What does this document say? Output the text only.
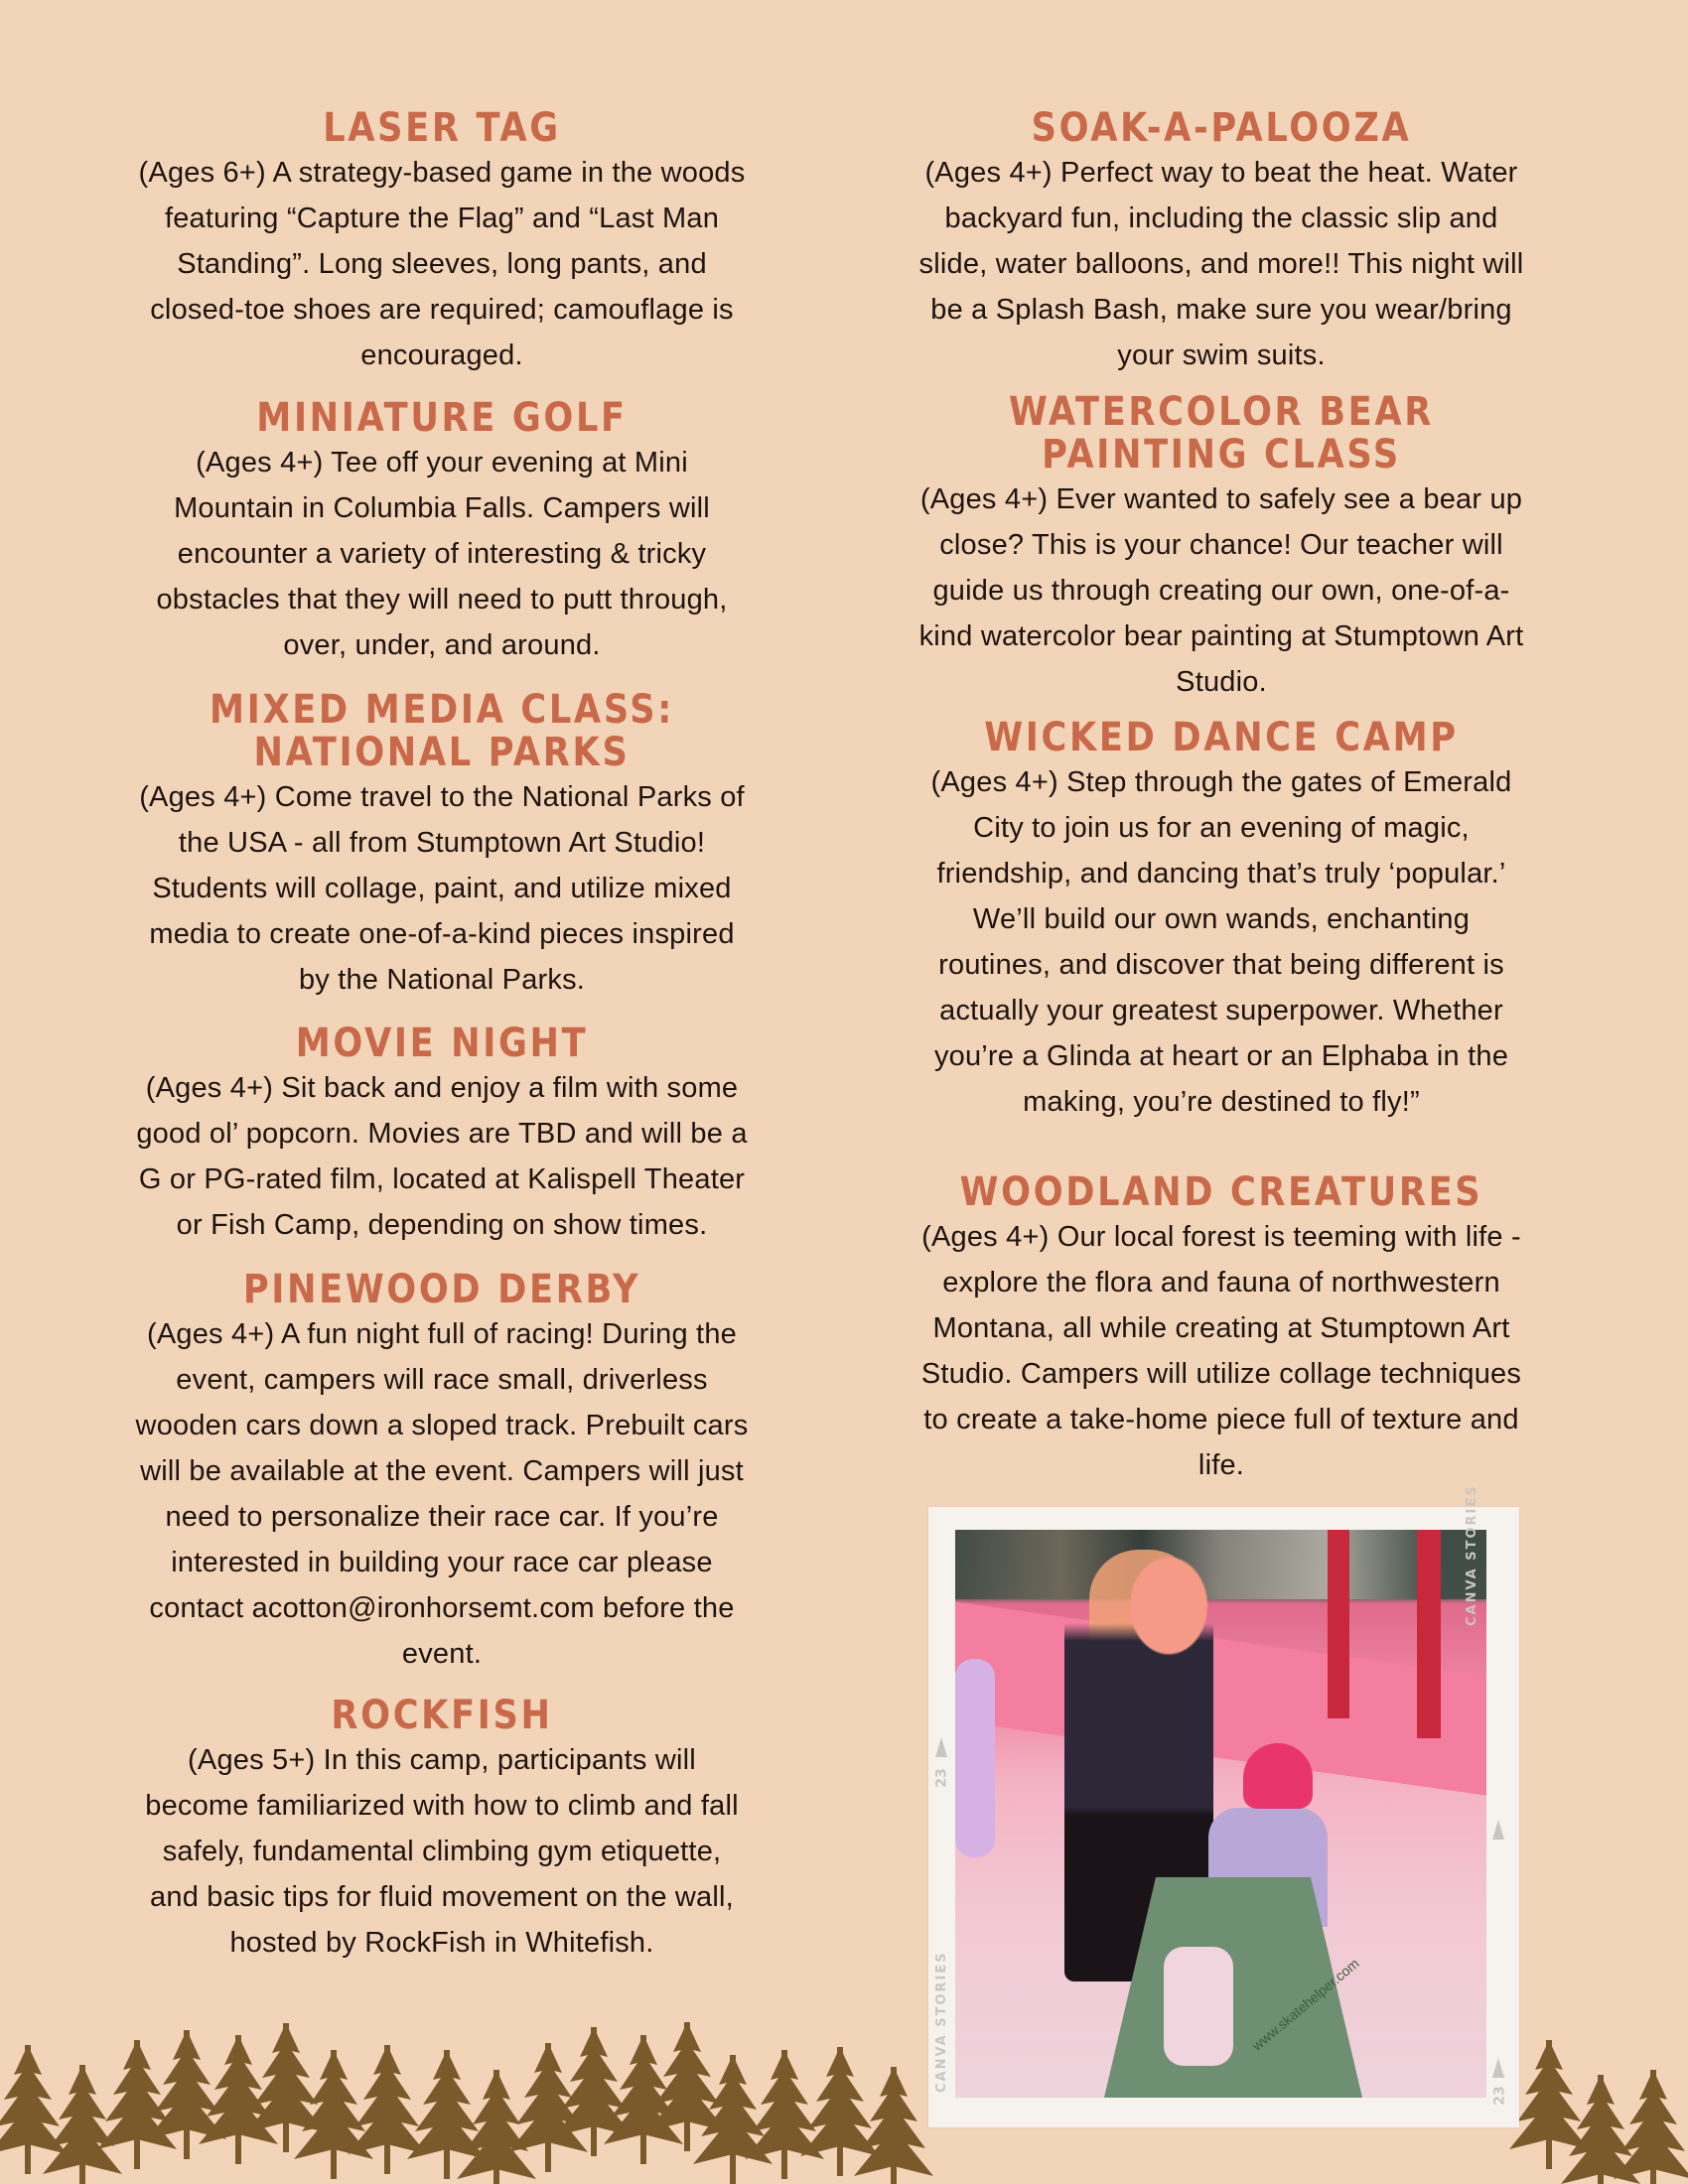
LASER TAG

(Ages 6+) A strategy-based game in the woods
featuring “Capture the Flag” and “Last Man
Standing”. Long sleeves, long pants, and
closed-toe shoes are required; camouflage is
encouraged.

MINIATURE GOLF

(Ages 4+) Tee off your evening at Mini
Mountain in Columbia Falls. Campers will
encounter a variety of interesting & tricky
obstacles that they will need to putt through,
over, under, and around.

MIXED MEDIA CLASS:
NATIONAL PARKS

(Ages 4+) Come travel to the National Parks of
the USA - all from Stumptown Art Studio!
Students will collage, paint, and utilize mixed
media to create one-of-a-kind pieces inspired
by the National Parks.

MOVIE NIGHT

(Ages 4+) Sit back and enjoy a film with some
good ol’ popcorn. Movies are TBD and will be a
G or PG-rated film, located at Kalispell Theater
or Fish Camp, depending on show times.

PINEWOOD DERBY

(Ages 4+) A fun night full of racing! During the
event, campers will race small, driverless
wooden cars down a sloped track. Prebuilt cars
will be available at the event. Campers will just
need to personalize their race car. If you’re
interested in building your race car please
contact acotton@ironhorsemt.com before the
event.

ROCKFISH

(Ages 5+) In this camp, participants will
become familiarized with how to climb and fall
safely, fundamental climbing gym etiquette,
and basic tips for fluid movement on the wall,
hosted by RockFish in Whitefish.

SOAK-A-PALOOZA

(Ages 4+) Perfect way to beat the heat. Water
backyard fun, including the classic slip and
slide, water balloons, and more!! This night will
be a Splash Bash, make sure you wear/bring
your swim suits.

WATERCOLOR BEAR
PAINTING CLASS

(Ages 4+) Ever wanted to safely see a bear up
close? This is your chance! Our teacher will
guide us through creating our own, one-of-a-
kind watercolor bear painting at Stumptown Art
Studio.

WICKED DANCE CAMP

(Ages 4+) Step through the gates of Emerald
City to join us for an evening of magic,
friendship, and dancing that’s truly ‘popular.’
We’ll build our own wands, enchanting
routines, and discover that being different is
actually your greatest superpower. Whether
you’re a Glinda at heart or an Elphaba in the
making, you’re destined to fly!”

WOODLAND CREATURES

(Ages 4+) Our local forest is teeming with life -
explore the flora and fauna of northwestern
Montana, all while creating at Stumptown Art
Studio. Campers will utilize collage techniques
to create a take-home piece full of texture and
life.

www.skatehelper.com
CANVA STORIES
CANVA STORIES
23
23
